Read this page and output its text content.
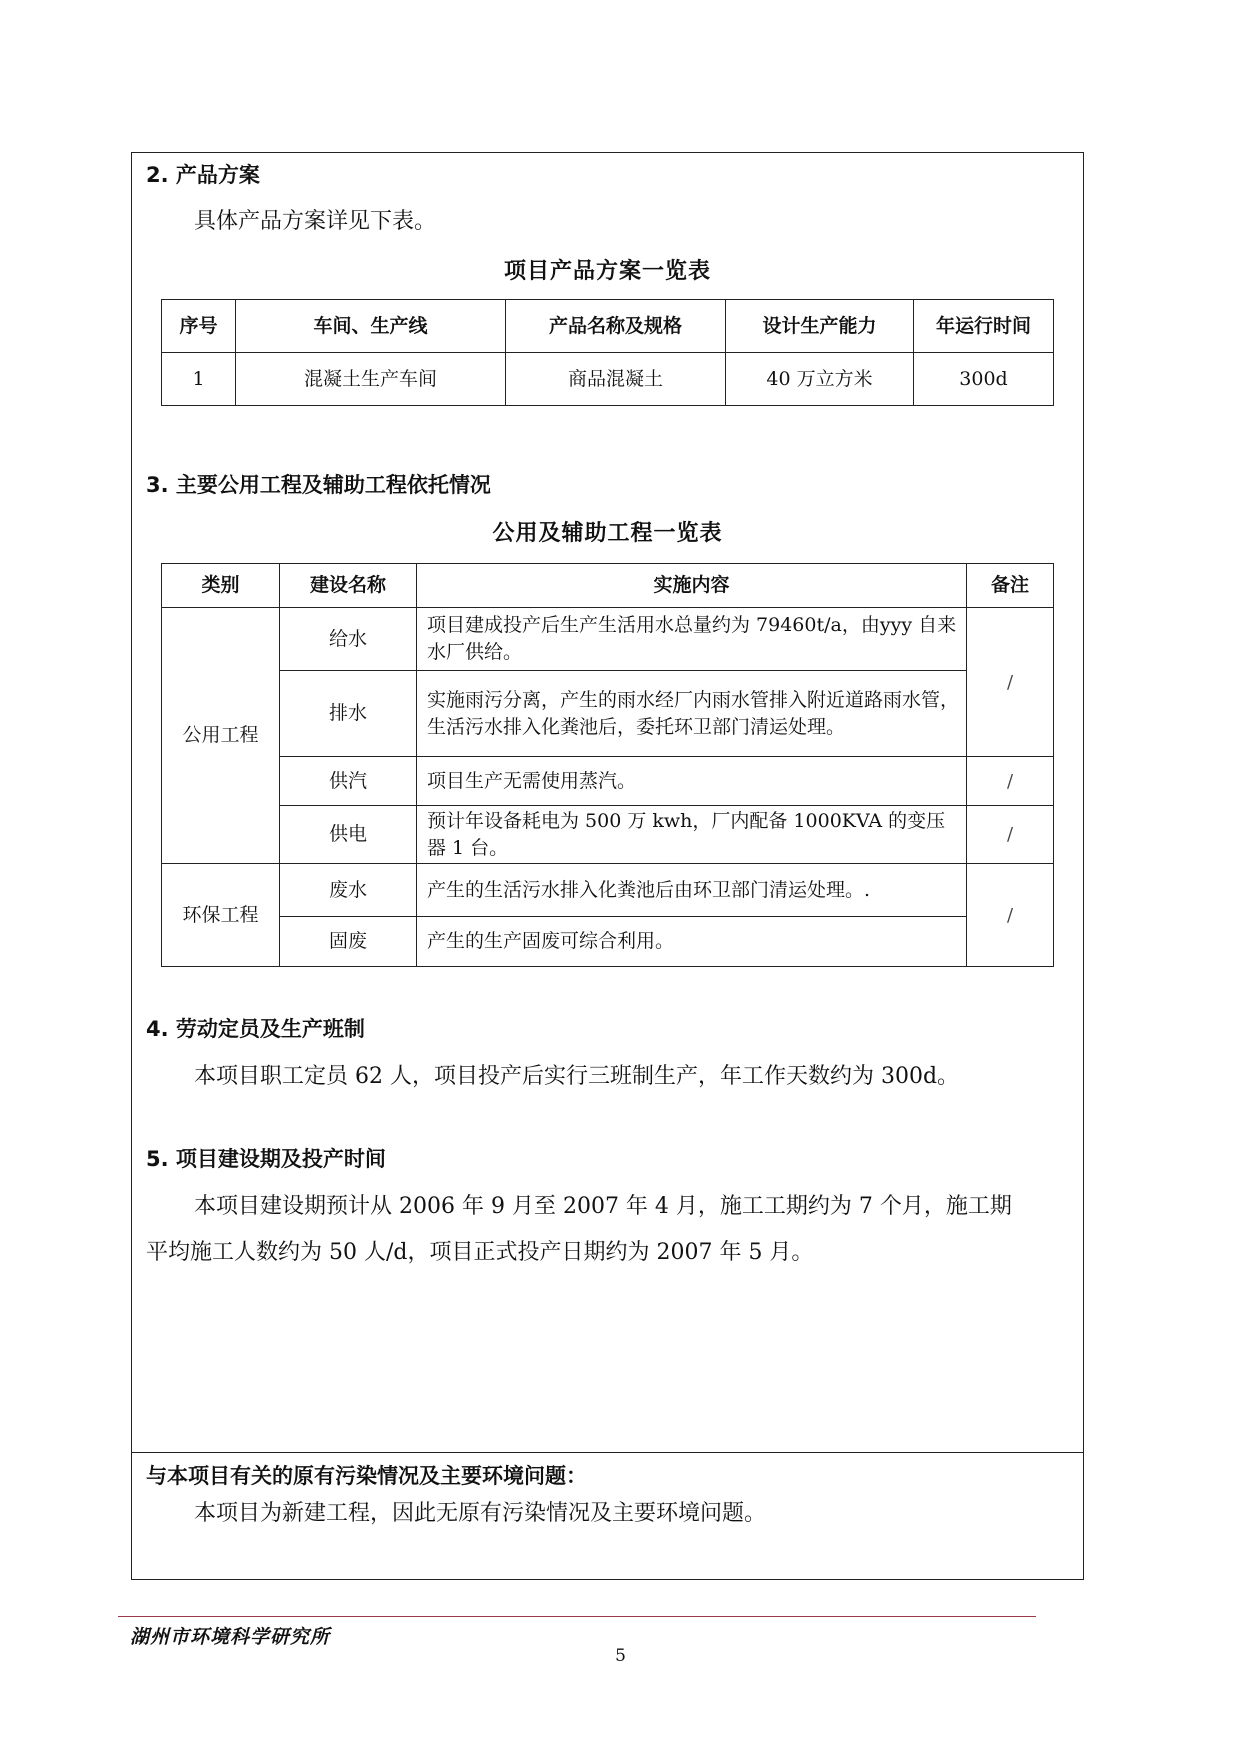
2. 产品方案
具体产品方案详见下表。
项目产品方案一览表
序号	车间、生产线	产品名称及规格	设计生产能力	年运行时间
1	混凝土生产车间	商品混凝土	40 万立方米	300d
3. 主要公用工程及辅助工程依托情况
公用及辅助工程一览表
类别	建设名称	实施内容	备注
公用工程	给水	项目建成投产后生产生活用水总量约为 79460t/a，由yyy 自来水厂供给。	/
	排水	实施雨污分离，产生的雨水经厂内雨水管排入附近道路雨水管，生活污水排入化粪池后，委托环卫部门清运处理。	
	供汽	项目生产无需使用蒸汽。	/
	供电	预计年设备耗电为 500 万 kwh，厂内配备 1000KVA 的变压器 1 台。	/
环保工程	废水	产生的生活污水排入化粪池后由环卫部门清运处理。.	/
	固废	产生的生产固废可综合利用。	
4. 劳动定员及生产班制
本项目职工定员 62 人，项目投产后实行三班制生产，年工作天数约为 300d。
5. 项目建设期及投产时间
本项目建设期预计从 2006 年 9 月至 2007 年 4 月，施工工期约为 7 个月，施工期
平均施工人数约为 50 人/d，项目正式投产日期约为 2007 年 5 月。
与本项目有关的原有污染情况及主要环境问题：
本项目为新建工程，因此无原有污染情况及主要环境问题。
湖州市环境科学研究所
5
